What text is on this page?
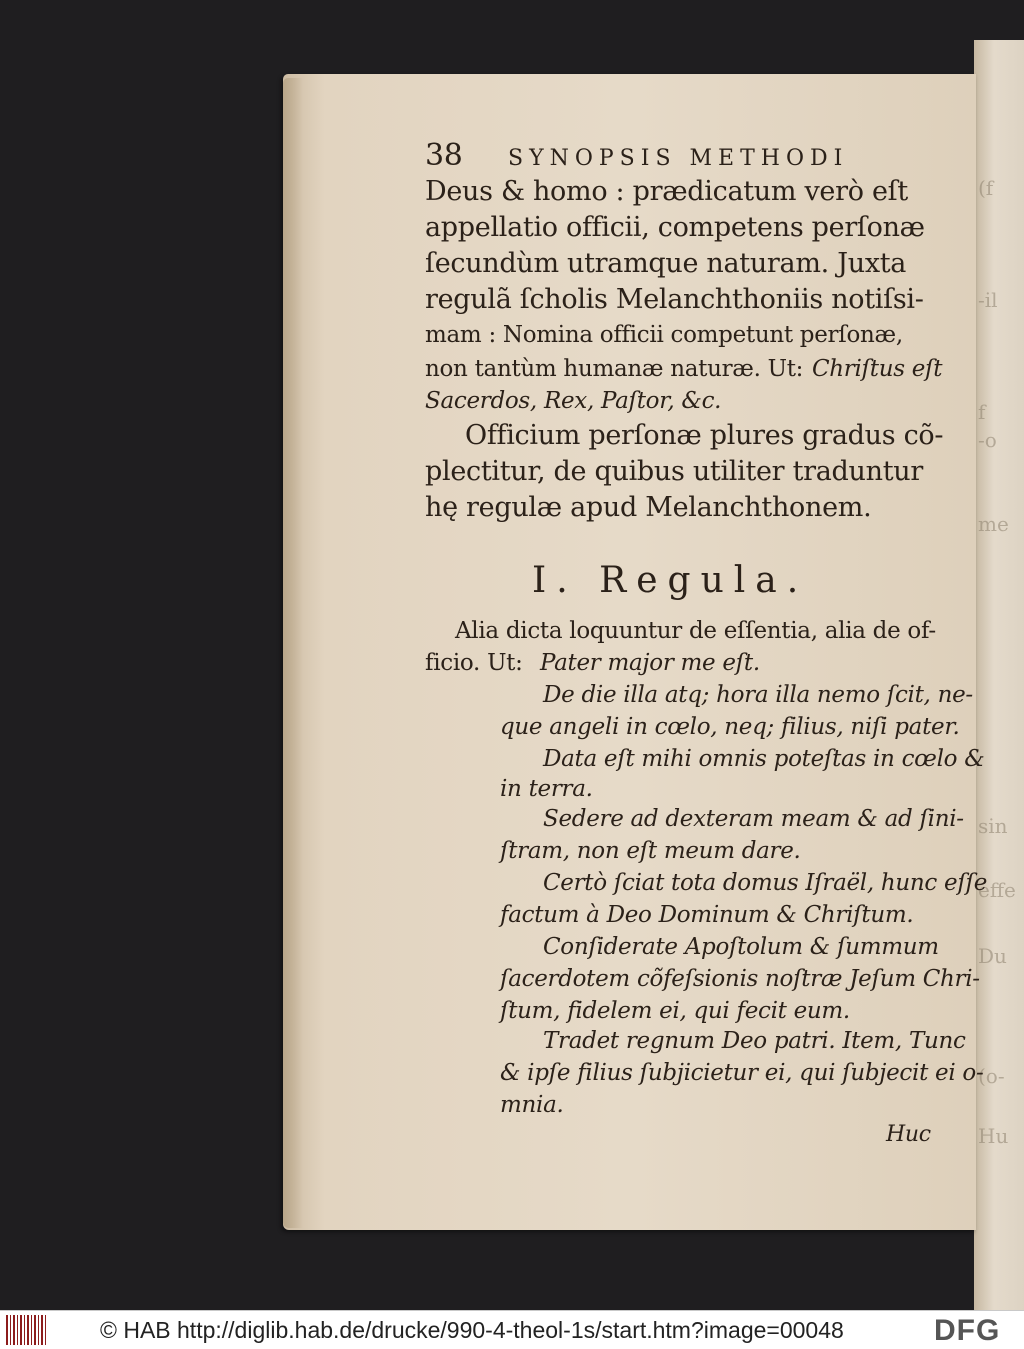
(f
-il
f
-o
me
sin
effe
Du
(o-
Hu
38 SYNOPSIS METHODI
Deus & homo : prædicatum verò eſt
appellatio officii, competens perſonæ
ſecundùm utramque naturam. Juxta
regulã ſcholis Melanchthoniis notiſsi-
mam : Nomina officii competunt perſonæ,
non tantùm humanæ naturæ. Ut: Chriſtus eſt
Sacerdos, Rex, Paſtor, &c.
Officium perſonæ plures gradus cõ-
plectitur, de quibus utiliter traduntur
hę regulæ apud Melanchthonem.
I. Regula.
Alia dicta loquuntur de eſſentia, alia de of-
ficio. Ut: Pater major me eſt.
De die illa atq; hora illa nemo ſcit, ne-
que angeli in cœlo, neq; filius, niſi pater.
Data eſt mihi omnis poteſtas in cœlo &
in terra.
Sedere ad dexteram meam & ad ſini-
ſtram, non eſt meum dare.
Certò ſciat tota domus Iſraël, hunc eſſe
factum à Deo Dominum & Chriſtum.
Conſiderate Apoſtolum & ſummum
ſacerdotem cõfeſsionis noſtræ Jeſum Chri-
ſtum, fidelem ei, qui fecit eum.
Tradet regnum Deo patri. Item, Tunc
& ipſe filius ſubjicietur ei, qui ſubjecit ei o-
mnia.
Huc
© HAB http://diglib.hab.de/drucke/990-4-theol-1s/start.htm?image=00048	DFG
